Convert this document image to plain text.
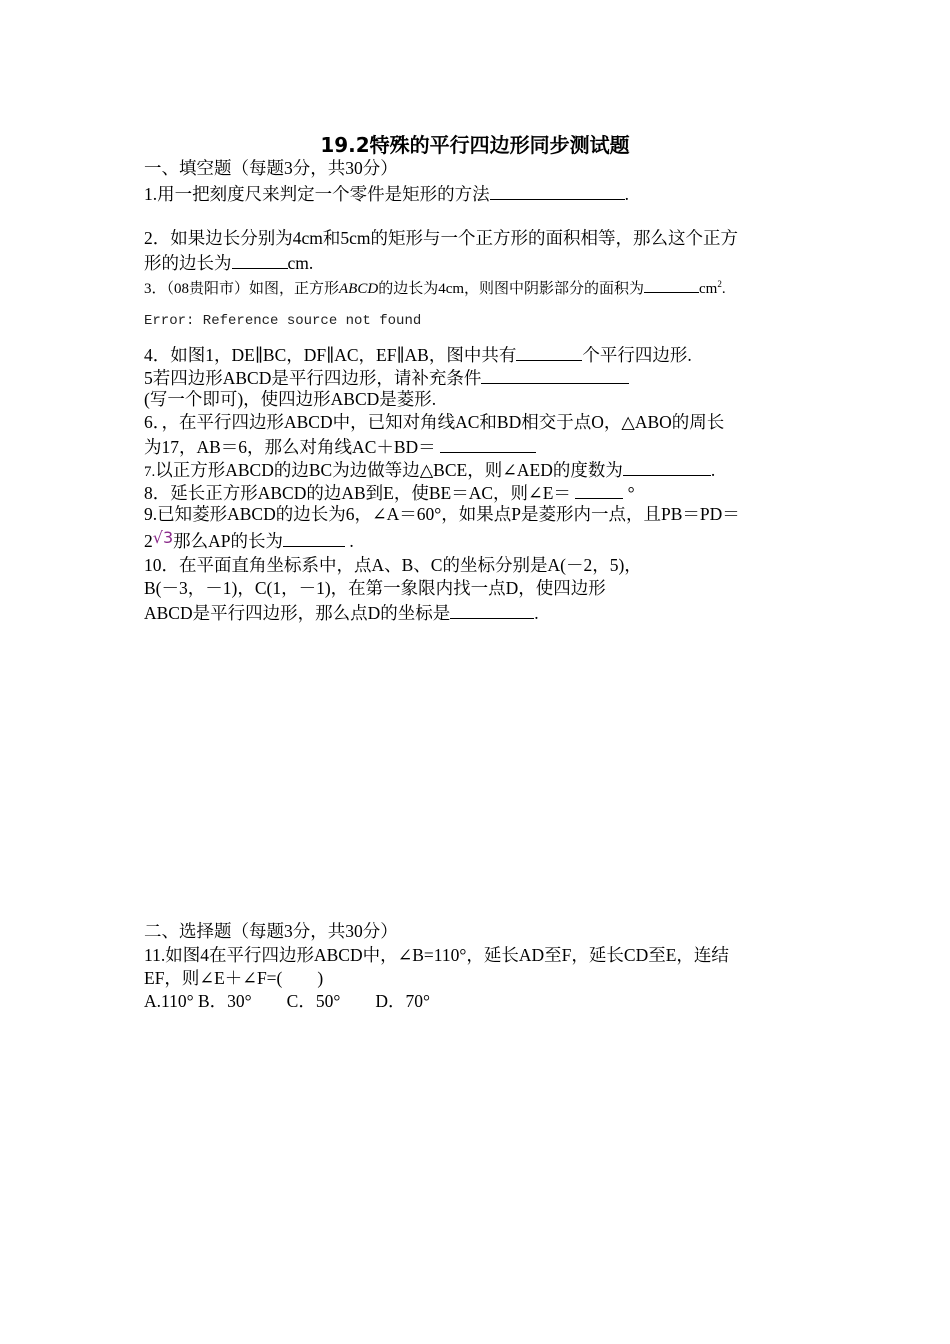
19.2特殊的平行四边形同步测试题
一、填空题（每题3分，共30分）
1.用一把刻度尺来判定一个零件是矩形的方法	.
2．如果边长分别为4cm和5cm的矩形与一个正方形的面积相等，那么这个正方
形的边长为	cm.
3．（08贵阳市）如图，正方形ABCD的边长为4cm，则图中阴影部分的面积为	$cm^2$.
Error: Reference source not found
4．如图1，DE∥BC，DF∥AC，EF∥AB，图中共有	个平行四边形.
5若四边形ABCD是平行四边形，请补充条件
(写一个即可)，使四边形ABCD是菱形.
6．，在平行四边形ABCD中，已知对角线AC和BD相交于点O，△ABO的周长
为17，AB＝6，那么对角线AC＋BD＝
7.以正方形ABCD的边BC为边做等边△BCE，则∠AED的度数为	.
8．延长正方形ABCD的边AB到E，使BE＝AC，则∠E＝	°
9.已知菱形ABCD的边长为6，∠A＝60°，如果点P是菱形内一点，且PB＝PD＝
2√3那么AP的长为	.
10．在平面直角坐标系中，点A、B、C的坐标分别是A(－2，5)，
B(－3，－1)，C(1，－1)，在第一象限内找一点D，使四边形
ABCD是平行四边形，那么点D的坐标是	.
二、选择题（每题3分，共30分）
11.如图4在平行四边形ABCD中，∠B=110°，延长AD至F，延长CD至E，连结
EF，则∠E＋∠F=(　　)
A.110° B．30°　　C．50°　　D．70°
